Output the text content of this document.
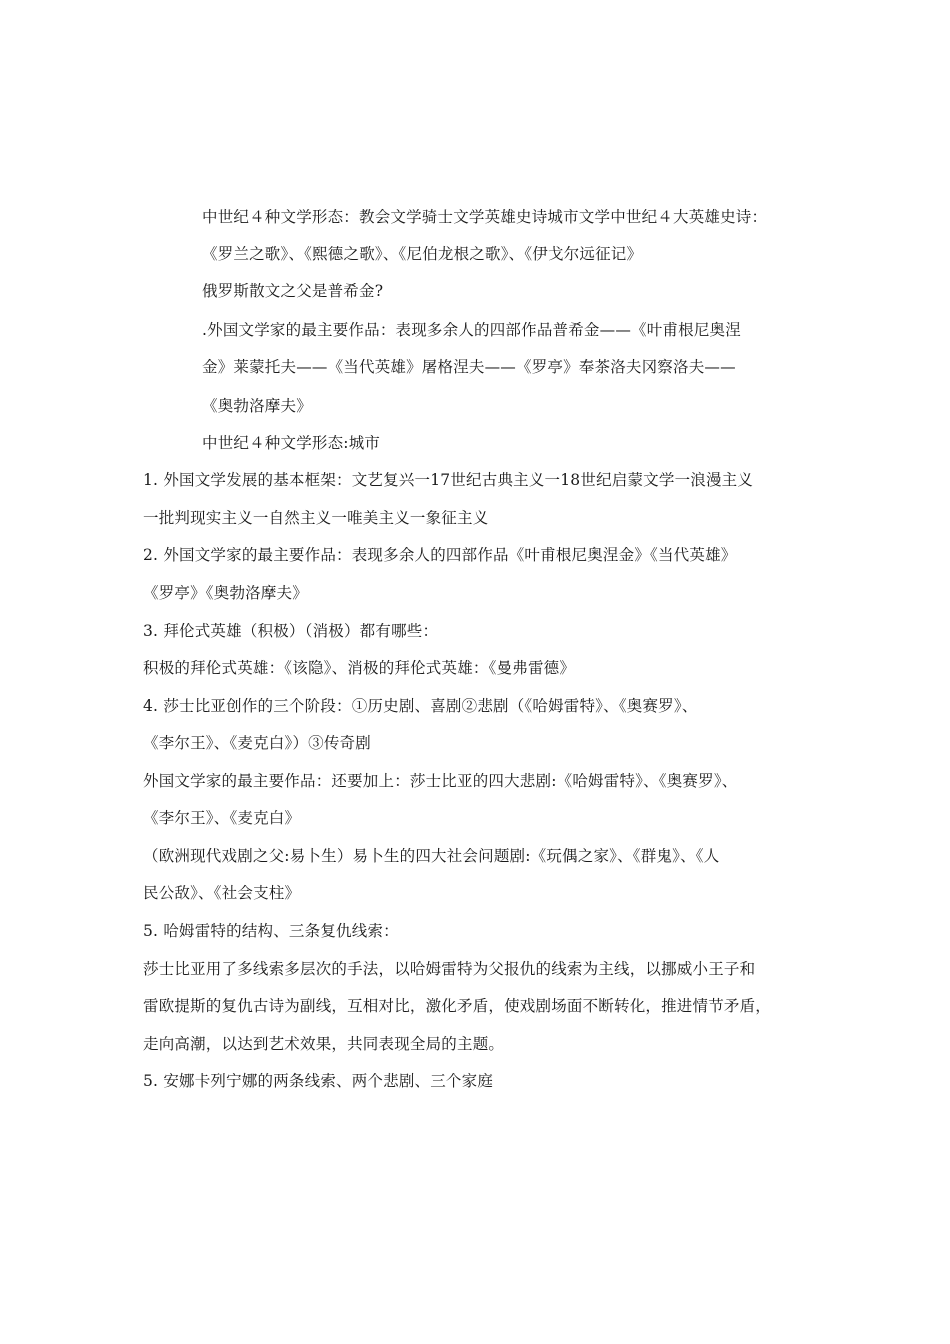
中世纪４种文学形态：教会文学骑士文学英雄史诗城市文学中世纪４大英雄史诗：
《罗兰之歌》、《熙德之歌》、《尼伯龙根之歌》、《伊戈尔远征记》
俄罗斯散文之父是普希金?
.外国文学家的最主要作品：表现多余人的四部作品普希金——《叶甫根尼奥涅
金》莱蒙托夫——《当代英雄》屠格涅夫——《罗亭》奉茶洛夫冈察洛夫——
《奥勃洛摩夫》
中世纪４种文学形态:城市
1. 外国文学发展的基本框架：文艺复兴一17世纪古典主义一18世纪启蒙文学一浪漫主义
一批判现实主义一自然主义一唯美主义一象征主义
2. 外国文学家的最主要作品：表现多余人的四部作品《叶甫根尼奥涅金》《当代英雄》
《罗亭》《奥勃洛摩夫》
3. 拜伦式英雄（积极）（消极）都有哪些：
积极的拜伦式英雄：《该隐》、消极的拜伦式英雄：《曼弗雷德》
4. 莎士比亚创作的三个阶段：①历史剧、喜剧②悲剧（《哈姆雷特》、《奥赛罗》、
《李尔王》、《麦克白》）③传奇剧
外国文学家的最主要作品：还要加上：莎士比亚的四大悲剧:《哈姆雷特》、《奥赛罗》、
《李尔王》、《麦克白》
（欧洲现代戏剧之父:易卜生）易卜生的四大社会问题剧:《玩偶之家》、《群鬼》、《人
民公敌》、《社会支柱》
5. 哈姆雷特的结构、三条复仇线索：
莎士比亚用了多线索多层次的手法，以哈姆雷特为父报仇的线索为主线，以挪威小王子和
雷欧提斯的复仇古诗为副线，互相对比，激化矛盾，使戏剧场面不断转化，推进情节矛盾，
走向高潮，以达到艺术效果，共同表现全局的主题。
5. 安娜卡列宁娜的两条线索、两个悲剧、三个家庭
